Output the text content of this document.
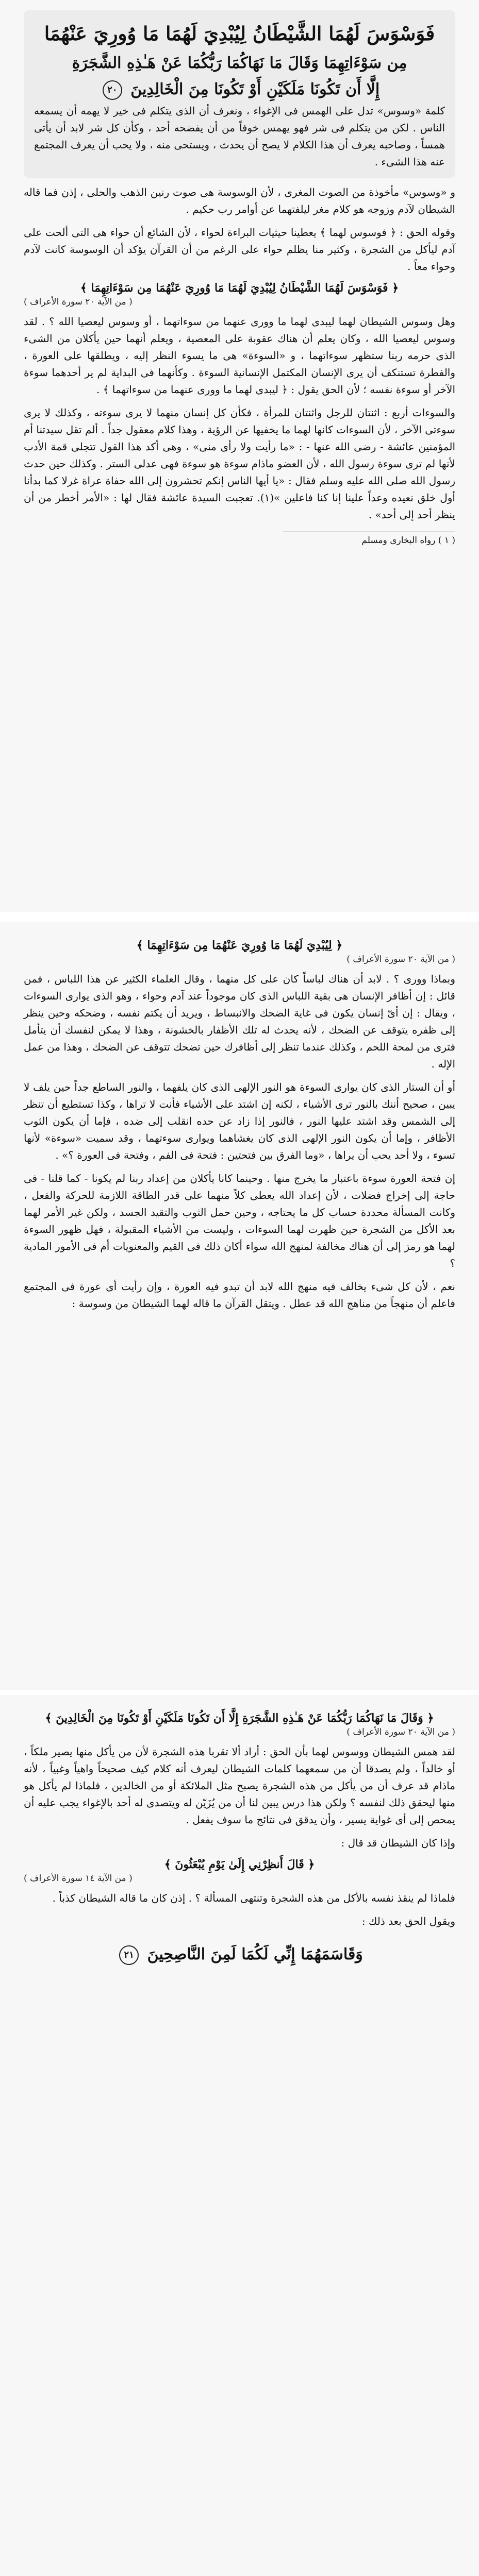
فَوَسْوَسَ لَهُمَا الشَّيْطَانُ لِيُبْدِيَ لَهُمَا مَا وُورِيَ عَنْهُمَا
مِن سَوْءَاتِهِمَا وَقَالَ مَا نَهَاكُمَا رَبُّكُمَا عَنْ هَـٰذِهِ الشَّجَرَةِ
إِلَّا أَن تَكُونَا مَلَكَيْنِ أَوْ تَكُونَا مِنَ الْخَالِدِينَ ٢٠
كلمة «وسوس» تدل على الهمس فى الإغواء ، ونعرف أن الذى يتكلم فى خير لا يهمه أن يسمعه الناس . لكن من يتكلم فى شر فهو يهمس خوفاً من أن يفضحه أحد ، وكأن كل شر لابد أن يأتى همساً ، وصاحبه يعرف أن هذا الكلام لا يصح أن يحدث ، ويستحى منه ، ولا يحب أن يعرف المجتمع عنه هذا الشىء .

و «وسوس» مأخوذة من الصوت المغرى ، لأن الوسوسة هى صوت رنين الذهب والحلى ، إذن فما قاله الشيطان لآدم وزوجه هو كلام مغر ليلفتهما عن أوامر رب حكيم .

وقوله الحق : ﴿ فوسوس لهما ﴾ يعطينا حيثيات البراءة لحواء ، لأن الشائع أن حواء هى التى ألحت على آدم ليأكل من الشجرة ، وكثير منا يظلم حواء على الرغم من أن القرآن يؤكد أن الوسوسة كانت لآدم وحواء معاً .

﴿ فَوَسْوَسَ لَهُمَا الشَّيْطَانُ لِيُبْدِيَ لَهُمَا مَا وُورِيَ عَنْهُمَا مِن سَوْءَاتِهِمَا ﴾
( من الآية ٢٠ سورة الأعراف )

وهل وسوس الشيطان لهما ليبدى لهما ما وورى عنهما من سوءاتهما ، أو وسوس ليعصيا الله ؟ . لقد وسوس ليعصيا الله ، وكان يعلم أن هناك عقوبة على المعصية ، ويعلم أنهما حين يأكلان من الشىء الذى حرمه ربنا ستظهر سوءاتهما ، و «السوءة» هى ما يسوء النظر إليه ، ويطلقها على العورة ، والفطرة تستنكف أن يرى الإنسان المكتمل الإنسانية السوءة . وكأنهما فى البداية لم ير أحدهما سوءة الآخر أو سوءة نفسه ؛ لأن الحق يقول : ﴿ ليبدى لهما ما وورى عنهما من سوءاتهما ﴾ .

والسوءات أربع : اثنتان للرجل واثنتان للمرأة ، فكأن كل إنسان منهما لا يرى سوءته ، وكذلك لا يرى سوءتى الآخر ، لأن السوءات كانها لهما ما يخفيها عن الرؤية ، وهذا كلام معقول جداً . ألم تقل سيدتنا أم المؤمنين عائشة - رضى الله عنها - : «ما رأيت ولا رأى منى» ، وهى أكد هذا القول تتجلى قمة الأدب لأنها لم ترى سوءة رسول الله ، لأن العضو ماذام سوءة هو سوءة فهى عدلى الستر . وكذلك حين حدث رسول الله صلى الله عليه وسلم فقال : «يا أيها الناس إنكم تحشرون إلى الله حفاة عراة غرلا كما بدأنا أول خلق نعيده وعداً علينا إنا كنا فاعلين »(١). تعجبت السيدة عائشة فقال لها : «الأمر أخطر من أن ينظر أحد إلى أحد» .

( ١ ) رواه البخارى ومسلم
﴿ لِيُبْدِيَ لَهُمَا مَا وُورِيَ عَنْهُمَا مِن سَوْءَاتِهِمَا ﴾
( من الآية ٢٠ سورة الأعراف )

وبماذا وورى ؟ . لابد أن هناك لباساً كان على كل منهما ، وقال العلماء الكثير عن هذا اللباس ، فمن قائل : إن أظافر الإنسان هى بقية اللباس الذى كان موجوداً عند آدم وحواء ، وهو الذى يوارى السوءات ، ويقال : إن أىّ إنسان يكون فى غاية الضحك والانبساط ، ويريد أن يكتم نفسه ، وضحكه وحين ينظر إلى ظفره يتوقف عن الضحك ، لأنه يحدث له تلك الأظفار بالخشونة ، وهذا لا يمكن لنفسك أن يتأمل فترى من لمحة اللحم ، وكذلك عندما تنظر إلى أظافرك حين تضحك تتوقف عن الضحك ، وهذا من عمل الإله .

أو أن الستار الذى كان يوارى السوءة هو النور الإلهى الذى كان يلفهما ، والنور الساطع جداً حين يلف لا يبين ، صحيح أننك بالنور ترى الأشياء ، لكنه إن اشتد على الأشياء فأنت لا تراها ، وكذا تستطيع أن تنظر إلى الشمس وقد اشتد عليها النور ، فالنور إذا زاد عن حده انقلب إلى ضده ، فإما أن يكون الثوب الأظافر ، وإما أن يكون النور الإلهى الذى كان يغشاهما ويوارى سوءتهما ، وقد سميت «سوءة» لأنها تسوء ، ولا أحد يحب أن يراها ، «وما الفرق بين فتحتين : فتحة فى الفم ، وفتحة فى العورة ؟» .

إن فتحة العورة سوءة باعتبار ما يخرج منها . وحينما كانا يأكلان من إعداد ربنا لم يكونا - كما قلنا - فى حاجة إلى إخراج فضلات ، لأن إعداد الله يعطى كلاً منهما على قدر الطاقة اللازمة للحركة والفعل ، وكانت المسألة محددة حساب كل ما يحتاجه ، وحين حمل الثوب والتقيد الجسد ، ولكن غير الأمر لهما بعد الأكل من الشجرة حين ظهرت لهما السوءات ، وليست من الأشياء المقبولة ، فهل ظهور السوءة لهما هو رمز إلى أن هناك مخالفة لمنهج الله سواء أكان ذلك فى القيم والمعنويات أم فى الأمور المادية ؟

نعم ، لأن كل شىء يخالف فيه منهج الله لابد أن تبدو فيه العورة ، وإن رأيت أى عورة فى المجتمع فاعلم أن منهجاً من مناهج الله قد عطل . ويتقل القرآن ما قاله لهما الشيطان من وسوسة :

﴿ وَقَالَ مَا نَهَاكُمَا رَبُّكُمَا عَنْ هَـٰذِهِ الشَّجَرَةِ إِلَّا أَن تَكُونَا مَلَكَيْنِ أَوْ تَكُونَا مِنَ الْخَالِدِينَ ﴾
( من الآية ٢٠ سورة الأعراف )

لقد همس الشيطان ووسوس لهما بأن الحق : أراد ألا تقربا هذه الشجرة لأن من يأكل منها يصير ملكاً ، أو خالداً ، ولم يصدقا أن من سمعهما كلمات الشيطان ليعرف أنه كلام كيف صحيحاً واهياً وغبياً ، لأنه ماذام قد عرف أن من يأكل من هذه الشجرة يصبح مثل الملائكة أو من الخالدين ، فلماذا لم يأكل هو منها ليحقق ذلك لنفسه ؟ ولكن هذا درس يبين لنا أن من يُزَيّن له ويتصدى له أحد بالإغواء يجب عليه أن يمحص إلى أى غواية يسير ، وأن يدقق فى نتائج ما سوف يفعل .

وإذا كان الشيطان قد قال :

﴿ قَالَ أَنظِرْنِي إِلَىٰ يَوْمِ يُبْعَثُونَ ﴾
( من الآية ١٤ سورة الأعراف )

فلماذا لم ينقذ نفسه بالأكل من هذه الشجرة وتنتهى المسألة ؟ . إذن كان ما قاله الشيطان كذباً .

ويقول الحق بعد ذلك :

وَقَاسَمَهُمَا إِنِّي لَكُمَا لَمِنَ النَّاصِحِينَ ٢١
